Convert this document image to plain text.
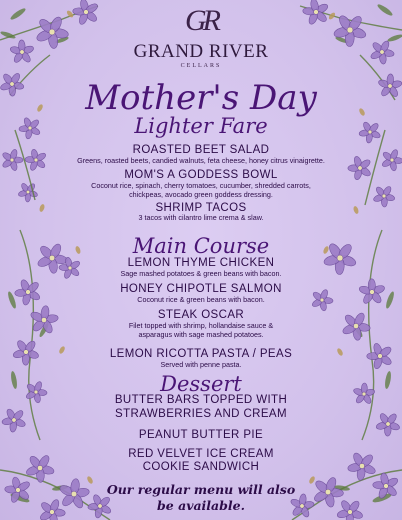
GR
GRAND RIVER
CELLARS
Mother's Day
Lighter Fare
ROASTED BEET SALAD
Greens, roasted beets, candied walnuts, feta cheese, honey citrus vinaigrette.
MOM'S A GODDESS BOWL
Coconut rice, spinach, cherry tomatoes, cucumber, shredded carrots,
chickpeas, avocado green goddess dressing.
SHRIMP TACOS
3 tacos with cilantro lime crema & slaw.
Main Course
LEMON THYME CHICKEN
Sage mashed potatoes & green beans with bacon.
HONEY CHIPOTLE SALMON
Coconut rice & green beans with bacon.
STEAK OSCAR
Filet topped with shrimp, hollandaise sauce &
asparagus with sage mashed potatoes.
LEMON RICOTTA PASTA / PEAS
Served with penne pasta.
Dessert
BUTTER BARS TOPPED WITH
STRAWBERRIES AND CREAM
PEANUT BUTTER PIE
RED VELVET ICE CREAM
COOKIE SANDWICH
Our regular menu will also
be available.
